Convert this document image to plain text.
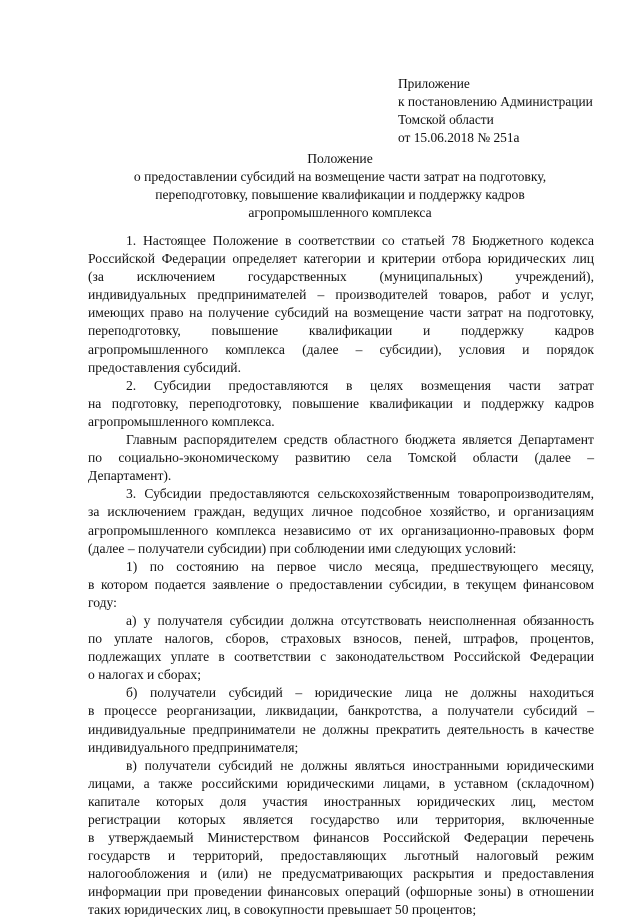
Приложение
к постановлению Администрации
Томской области
от 15.06.2018 № 251а
Положение
о предоставлении субсидий на возмещение части затрат на подготовку,
переподготовку, повышение квалификации и поддержку кадров
агропромышленного комплекса
1. Настоящее Положение в соответствии со статьей 78 Бюджетного кодекса
Российской Федерации определяет категории и критерии отбора юридических лиц
(за исключением государственных (муниципальных) учреждений),
индивидуальных предпринимателей – производителей товаров, работ и услуг,
имеющих право на получение субсидий на возмещение части затрат на подготовку,
переподготовку, повышение квалификации и поддержку кадров
агропромышленного комплекса (далее – субсидии), условия и порядок
предоставления субсидий.
2. Субсидии предоставляются в целях возмещения части затрат
на подготовку, переподготовку, повышение квалификации и поддержку кадров
агропромышленного комплекса.
Главным распорядителем средств областного бюджета является Департамент
по социально-экономическому развитию села Томской области (далее –
Департамент).
3. Субсидии предоставляются сельскохозяйственным товаропроизводителям,
за исключением граждан, ведущих личное подсобное хозяйство, и организациям
агропромышленного комплекса независимо от их организационно-правовых форм
(далее – получатели субсидии) при соблюдении ими следующих условий:
1) по состоянию на первое число месяца, предшествующего месяцу,
в котором подается заявление о предоставлении субсидии, в текущем финансовом
году:
а) у получателя субсидии должна отсутствовать неисполненная обязанность
по уплате налогов, сборов, страховых взносов, пеней, штрафов, процентов,
подлежащих уплате в соответствии с законодательством Российской Федерации
о налогах и сборах;
б) получатели субсидий – юридические лица не должны находиться
в процессе реорганизации, ликвидации, банкротства, а получатели субсидий –
индивидуальные предприниматели не должны прекратить деятельность в качестве
индивидуального предпринимателя;
в) получатели субсидий не должны являться иностранными юридическими
лицами, а также российскими юридическими лицами, в уставном (складочном)
капитале которых доля участия иностранных юридических лиц, местом
регистрации которых является государство или территория, включенные
в утверждаемый Министерством финансов Российской Федерации перечень
государств и территорий, предоставляющих льготный налоговый режим
налогообложения и (или) не предусматривающих раскрытия и предоставления
информации при проведении финансовых операций (офшорные зоны) в отношении
таких юридических лиц, в совокупности превышает 50 процентов;
